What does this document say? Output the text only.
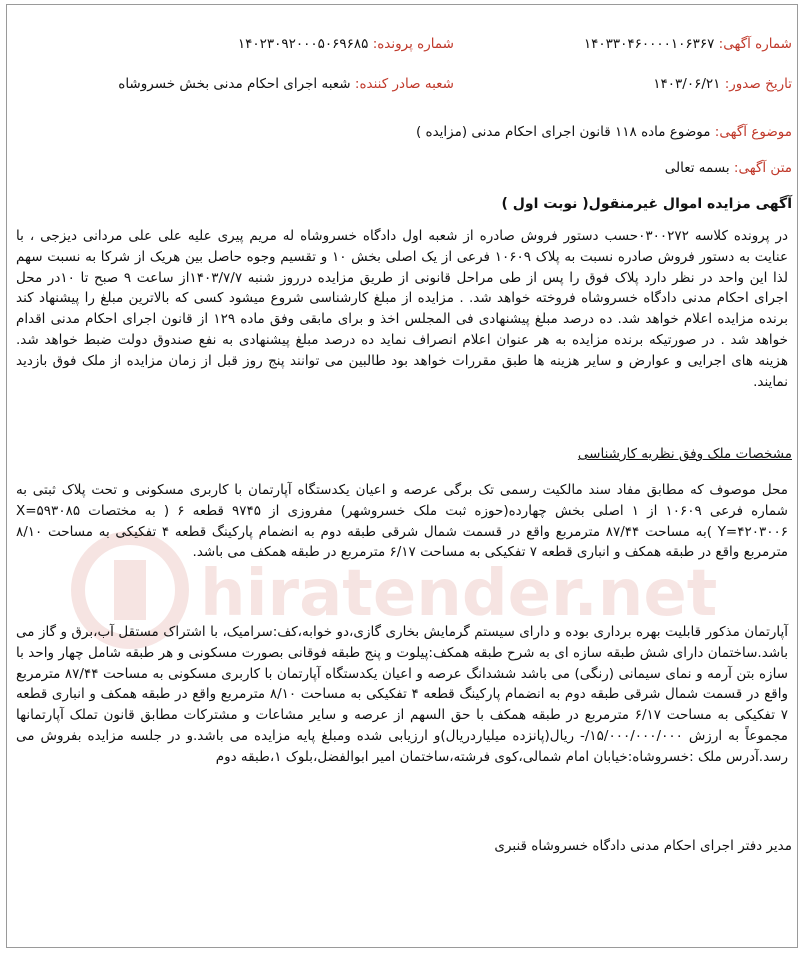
شماره آگهی: ۱۴۰۳۳۰۴۶۰۰۰۰۱۰۶۳۶۷
شماره پرونده: ۱۴۰۲۳۰۹۲۰۰۰۵۰۶۹۶۸۵
تاریخ صدور: ۱۴۰۳/۰۶/۲۱
شعبه صادر کننده: شعبه اجرای احکام مدنی بخش خسروشاه
موضوع آگهی: موضوع ماده ۱۱۸ قانون اجرای احکام مدنی (مزایده )
متن آگهی: بسمه تعالی
آگهی مزایده اموال غیرمنقول( نوبت اول )
در پرونده کلاسه ۰۳۰۰۲۷۲حسب دستور فروش صادره از شعبه اول دادگاه خسروشاه له مریم پیری علیه علی علی مردانی دیزجی ، با عنایت به دستور فروش صادره نسبت به پلاک ۱۰۶۰۹ فرعی از یک اصلی بخش ۱۰ و تقسیم وجوه حاصل بین هریک از شرکا به نسبت سهم لذا این واحد در نظر دارد پلاک فوق را پس از طی مراحل قانونی از طریق مزایده درروز شنبه ۱۴۰۳/۷/۷از ساعت ۹ صبح تا ۱۰در محل اجرای احکام مدنی دادگاه خسروشاه فروخته خواهد شد. . مزایده از مبلغ کارشناسی شروع میشود کسی که بالاترین مبلغ را پیشنهاد کند برنده مزایده اعلام خواهد شد. ده درصد مبلغ پیشنهادی فی المجلس اخذ و برای مابقی وفق ماده ۱۲۹ از قانون اجرای احکام مدنی اقدام خواهد شد . در صورتیکه برنده مزایده به هر عنوان اعلام انصراف نماید ده درصد مبلغ پیشنهادی به نفع صندوق دولت ضبط خواهد شد. هزینه های اجرایی و عوارض و سایر هزینه ها طبق مقررات خواهد بود طالبین می توانند پنج روز قبل از زمان مزایده از ملک فوق بازدید نمایند.
مشخصات ملک وفق نظریه کارشناسی
محل موصوف که مطابق مفاد سند مالکیت رسمی تک برگی عرصه و اعیان یکدستگاه آپارتمان با کاربری مسکونی و تحت پلاک ثبتی به شماره فرعی ۱۰۶۰۹ از ۱ اصلی بخش چهارده(حوزه ثبت ملک خسروشهر) مفروزی از ۹۷۴۵ قطعه ۶ ( به مختصات X=۵۹۳۰۸۵ Y=۴۲۰۳۰۰۶ )به مساحت ۸۷/۴۴ مترمربع واقع در قسمت شمال شرقی طبقه دوم به انضمام پارکینگ قطعه ۴ تفکیکی به مساحت ۸/۱۰ مترمربع واقع در طبقه همکف و انباری قطعه ۷ تفکیکی به مساحت ۶/۱۷ مترمربع در طبقه همکف می باشد.
آپارتمان مذکور قابلیت بهره برداری بوده و دارای سیستم گرمایش بخاری گازی،دو خوابه،کف:سرامیک، با اشتراک مستقل آب،برق و گاز می باشد.ساختمان دارای شش طبقه سازه ای به شرح طبقه همکف:پیلوت و پنج طبقه فوقانی بصورت مسکونی و هر طبقه شامل چهار واحد با سازه بتن آرمه و نمای سیمانی (رنگی) می باشد ششدانگ عرصه و اعیان یکدستگاه آپارتمان با کاربری مسکونی به مساحت ۸۷/۴۴ مترمربع واقع در قسمت شمال شرقی طبقه دوم به انضمام پارکینگ قطعه ۴ تفکیکی به مساحت ۸/۱۰ مترمربع واقع در طبقه همکف و انباری قطعه ۷ تفکیکی به مساحت ۶/۱۷ مترمربع در طبقه همکف با حق السهم از عرصه و سایر مشاعات و مشترکات مطابق قانون تملک آپارتمانها مجموعاً به ارزش ۱۵/۰۰۰/۰۰۰/۰۰۰/- ریال(پانزده میلیاردریال)و ارزیابی شده ومبلغ پایه مزایده می باشد.و در جلسه مزایده بفروش می رسد.آدرس ملک :خسروشاه:خیابان امام شمالی،کوی فرشته،ساختمان امیر ابوالفضل،بلوک ۱،طبقه دوم
مدیر دفتر اجرای احکام مدنی دادگاه خسروشاه قنبری
